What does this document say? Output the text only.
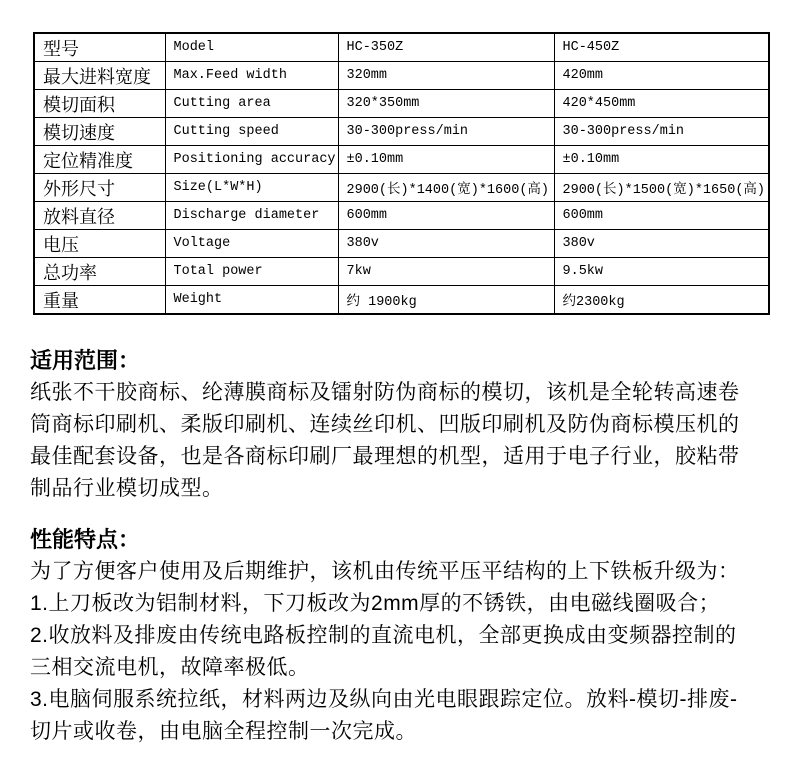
型号	Model	HC-350Z	HC-450Z
最大进料宽度	Max.Feed width	320mm	420mm
模切面积	Cutting area	320*350mm	420*450mm
模切速度	Cutting speed	30-300press/min	30-300press/min
定位精准度	Positioning accuracy	±0.10mm	±0.10mm
外形尺寸	Size(L*W*H)	2900(长)*1400(宽)*1600(高)	2900(长)*1500(宽)*1650(高)
放料直径	Discharge diameter	600mm	600mm
电压	Voltage	380v	380v
总功率	Total power	7kw	9.5kw
重量	Weight	约 1900kg	约2300kg
适用范围：
纸张不干胶商标、纶薄膜商标及镭射防伪商标的模切，该机是全轮转高速卷
筒商标印刷机、柔版印刷机、连续丝印机、凹版印刷机及防伪商标模压机的
最佳配套设备，也是各商标印刷厂最理想的机型，适用于电子行业，胶粘带
制品行业模切成型。
性能特点：
为了方便客户使用及后期维护，该机由传统平压平结构的上下铁板升级为：
1.上刀板改为铝制材料，下刀板改为2mm厚的不锈铁，由电磁线圈吸合；
2.收放料及排废由传统电路板控制的直流电机，全部更换成由变频器控制的
三相交流电机，故障率极低。
3.电脑伺服系统拉纸，材料两边及纵向由光电眼跟踪定位。放料-模切-排废-
切片或收卷，由电脑全程控制一次完成。
